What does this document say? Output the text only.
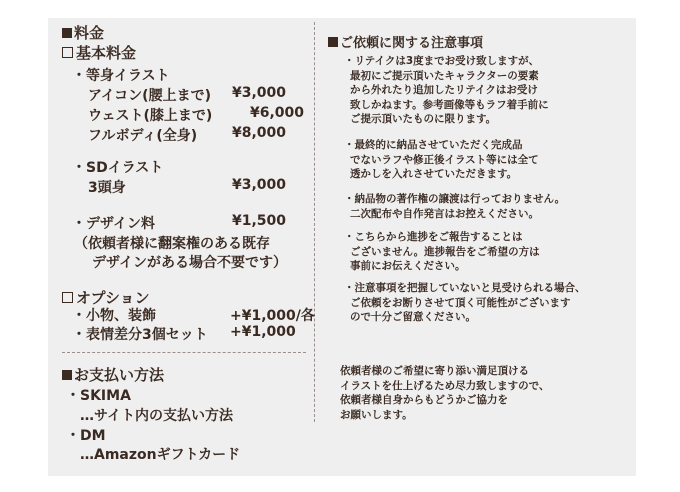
料金
基本料金
・等身イラスト
アイコン(腰上まで) ¥3,000
ウェスト(膝上まで)	¥6,000
フルボディ(全身) ¥8,000
・SDイラスト
3頭身	¥3,000
・デザイン料	¥1,500
（依頼者様に翻案権のある既存
デザインがある場合不要です）
オプション
・小物、装飾	+¥1,000/各
・表情差分3個セット +¥1,000
お支払い方法
・SKIMA
…サイト内の支払い方法
・DM
…Amazonギフトカード
ご依頼に関する注意事項
・リテイクは3度までお受け致しますが、
最初にご提示頂いたキャラクターの要素
から外れたり追加したリテイクはお受け
致しかねます。参考画像等もラフ着手前に
ご提示頂いたものに限ります。
・最終的に納品させていただく完成品
でないラフや修正後イラスト等には全て
透かしを入れさせていただきます。
・納品物の著作権の譲渡は行っておりません。
二次配布や自作発言はお控えください。
・こちらから進捗をご報告することは
ございません。進捗報告をご希望の方は
事前にお伝えください。
・注意事項を把握していないと見受けられる場合、
ご依頼をお断りさせて頂く可能性がございます
ので十分ご留意ください。
依頼者様のご希望に寄り添い満足頂ける
イラストを仕上げるため尽力致しますので、
依頼者様自身からもどうかご協力を
お願いします。
